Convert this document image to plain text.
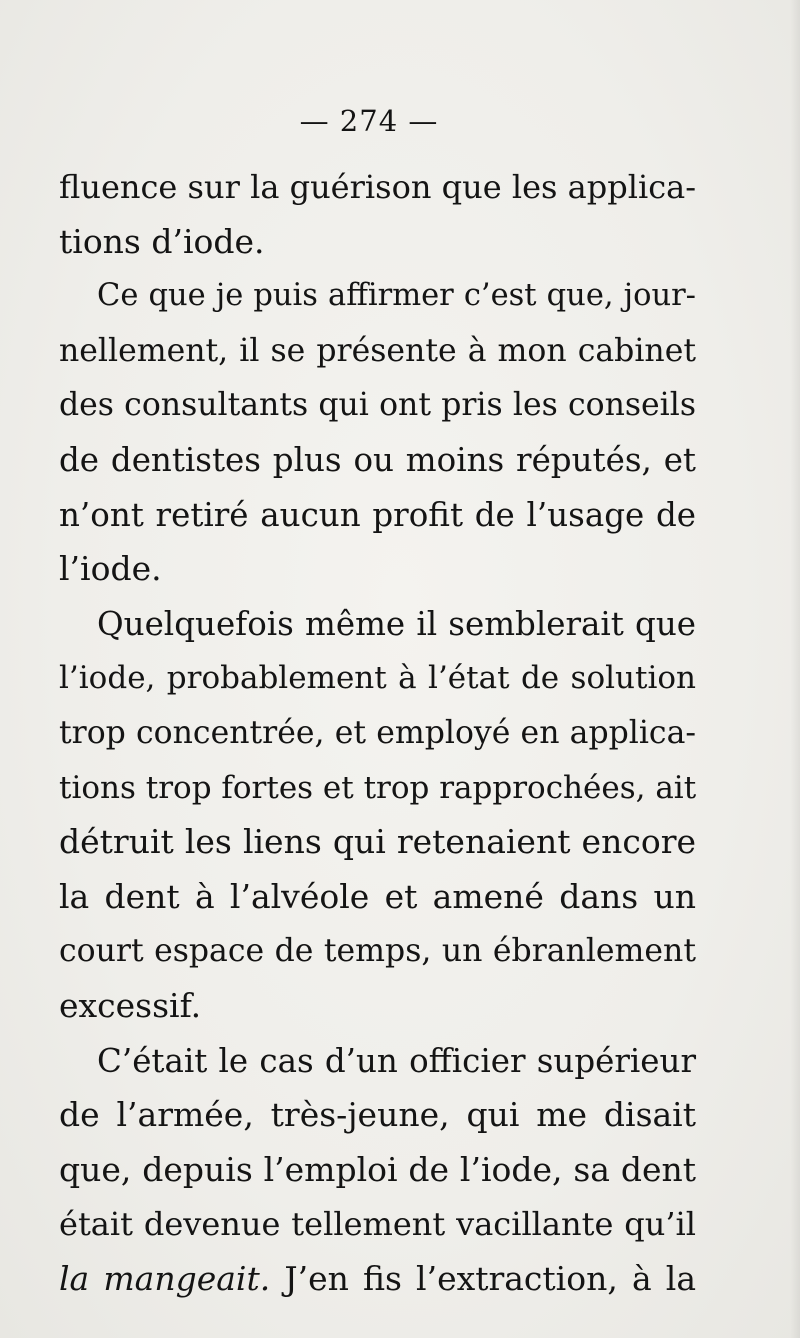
— 274 —
fluence sur la guérison que les applica-
tions d’iode.
Ce que je puis affirmer c’est que, jour-
nellement, il se présente à mon cabinet
des consultants qui ont pris les conseils
de dentistes plus ou moins réputés, et
n’ont retiré aucun profit de l’usage de
l’iode.
Quelquefois même il semblerait que
l’iode, probablement à l’état de solution
trop concentrée, et employé en applica-
tions trop fortes et trop rapprochées, ait
détruit les liens qui retenaient encore
la dent à l’alvéole et amené dans un
court espace de temps, un ébranlement
excessif.
C’était le cas d’un officier supérieur
de l’armée, très-jeune, qui me disait
que, depuis l’emploi de l’iode, sa dent
était devenue tellement vacillante qu’il
la mangeait. J’en fis l’extraction, à la
